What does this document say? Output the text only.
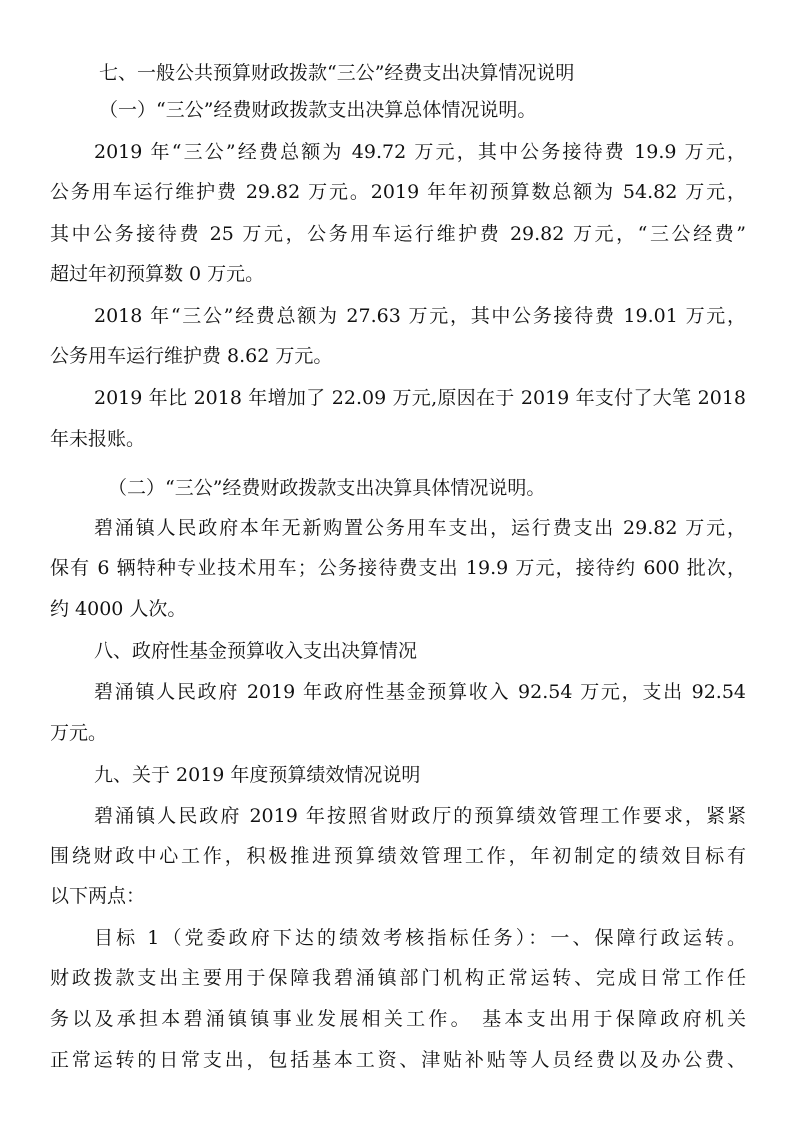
七、一般公共预算财政拨款“三公”经费支出决算情况说明
（一）“三公”经费财政拨款支出决算总体情况说明。
2019 年“三公”经费总额为 49.72 万元，其中公务接待费 19.9 万元，
公务用车运行维护费 29.82 万元。2019 年年初预算数总额为 54.82 万元，
其中公务接待费 25 万元，公务用车运行维护费 29.82 万元，“三公经费”
超过年初预算数 0 万元。
2018 年“三公”经费总额为 27.63 万元，其中公务接待费 19.01 万元，
公务用车运行维护费 8.62 万元。
2019 年比 2018 年增加了 22.09 万元,原因在于 2019 年支付了大笔 2018
年未报账。
（二）“三公”经费财政拨款支出决算具体情况说明。
碧涌镇人民政府本年无新购置公务用车支出，运行费支出 29.82 万元，
保有 6 辆特种专业技术用车；公务接待费支出 19.9 万元，接待约 600 批次，
约 4000 人次。
八、政府性基金预算收入支出决算情况
碧涌镇人民政府 2019 年政府性基金预算收入 92.54 万元，支出 92.54
万元。
九、关于 2019 年度预算绩效情况说明
碧涌镇人民政府 2019 年按照省财政厅的预算绩效管理工作要求，紧紧
围绕财政中心工作，积极推进预算绩效管理工作，年初制定的绩效目标有
以下两点：
目标 1（党委政府下达的绩效考核指标任务）：一、保障行政运转。
财政拨款支出主要用于保障我碧涌镇部门机构正常运转、完成日常工作任
务以及承担本碧涌镇镇事业发展相关工作。 基本支出用于保障政府机关
正常运转的日常支出，包括基本工资、津贴补贴等人员经费以及办公费、
